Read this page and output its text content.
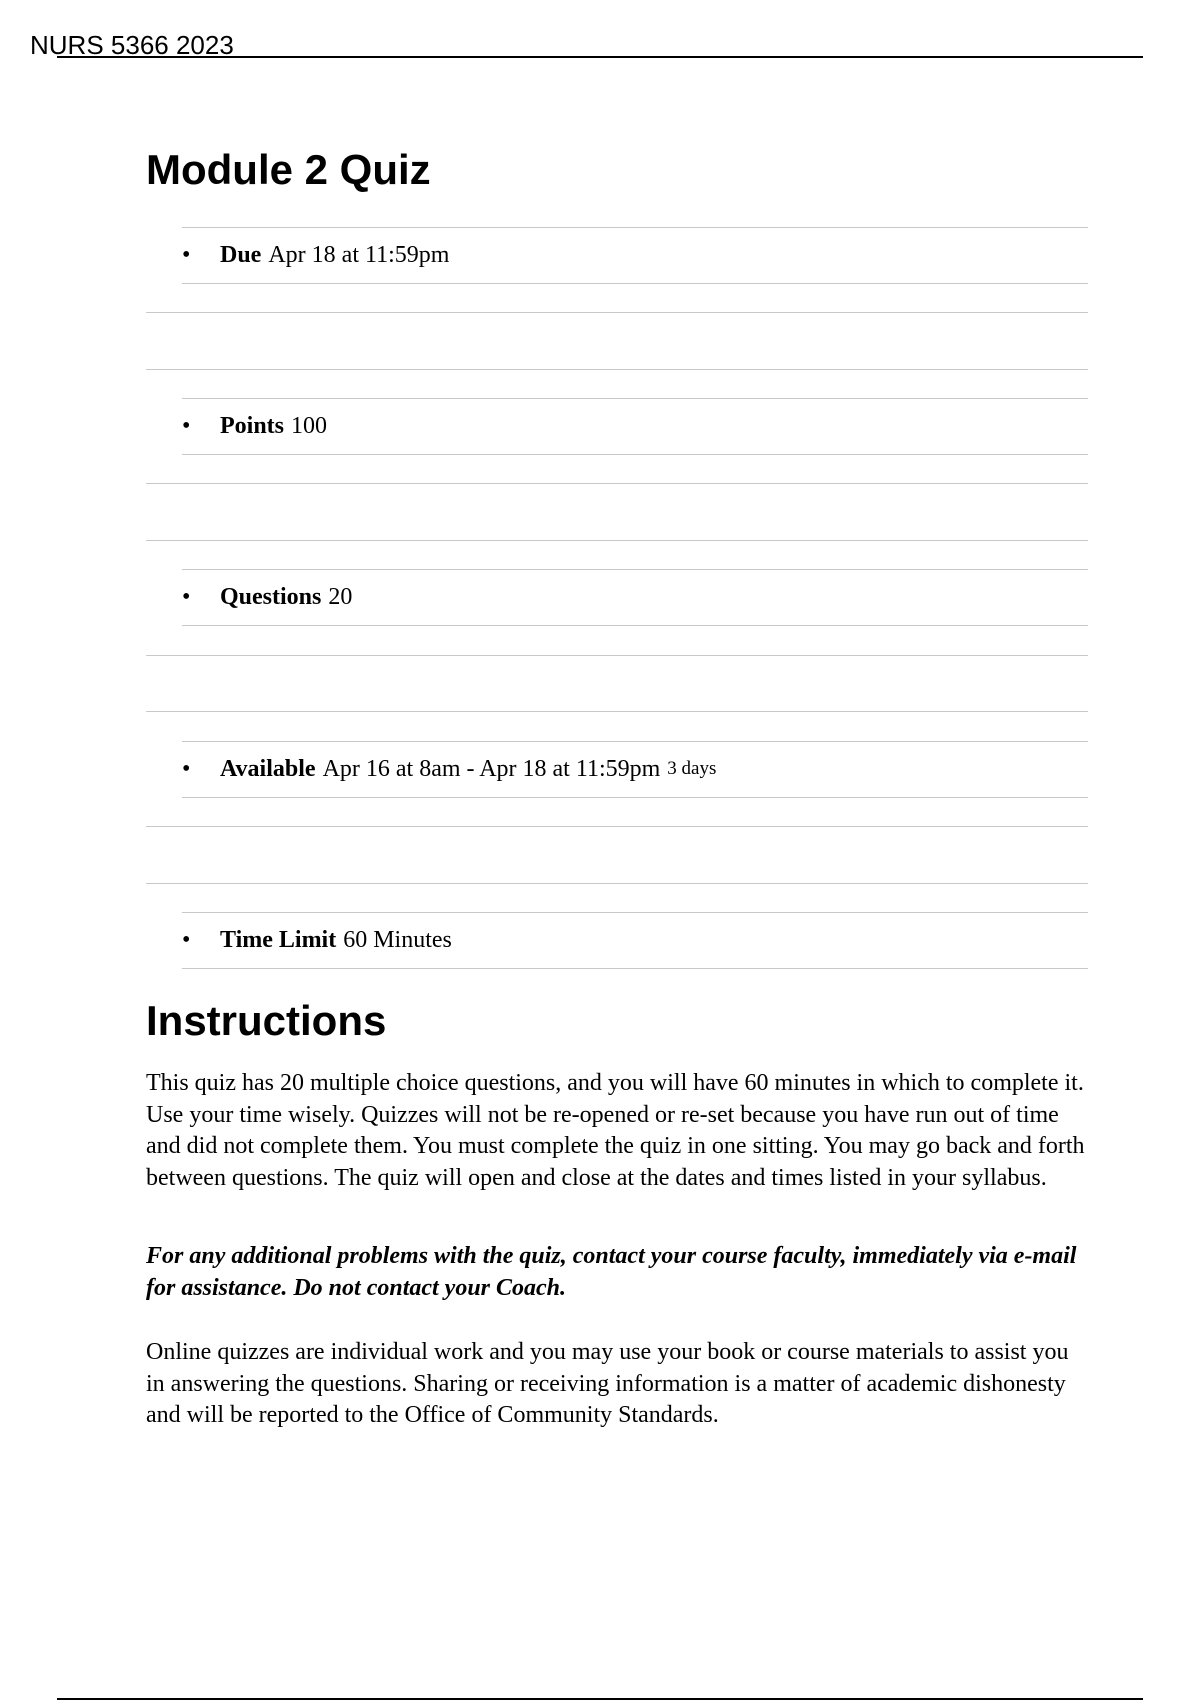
NURS 5366 2023
Module 2 Quiz
•	Due Apr 18 at 11:59pm
•	Points 100
•	Questions 20
•	Available Apr 16 at 8am - Apr 18 at 11:59pm 3 days
•	Time Limit 60 Minutes
Instructions

This quiz has 20 multiple choice questions, and you will have 60 minutes in which to complete it. Use your time wisely. Quizzes will not be re-opened or re-set because you have run out of time and did not complete them. You must complete the quiz in one sitting. You may go back and forth between questions. The quiz will open and close at the dates and times listed in your syllabus.

For any additional problems with the quiz, contact your course faculty, immediately via e-mail for assistance. Do not contact your Coach.

Online quizzes are individual work and you may use your book or course materials to assist you in answering the questions. Sharing or receiving information is a matter of academic dishonesty and will be reported to the Office of Community Standards.
